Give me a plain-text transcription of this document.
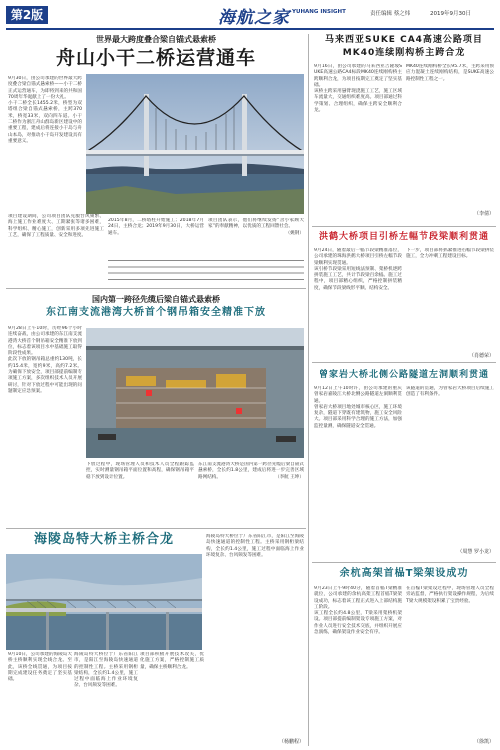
第2版	海航之家 YUHANG INSIGHT	责任编辑 蔡之炜	2019年9月30日
世界最大跨度叠合梁自锚式悬索桥
舟山小干二桥运营通车
9月30日，由公司承建的世界最大跨度叠合梁自锚式悬索桥——小干二桥正式运营通车，为即将到来的共和国70周年华诞献上了一份大礼。
小干二桥全长1455.2米，桥型为双塔组合梁自锚式悬索桥，主跨370米，桥宽33米，双向四车道。小干二桥作为浙江舟山群岛新区建设中的重要工程，建成后将连接小干岛与舟山本岛，对推动小干岛开发建设具有重要意义。
项目建设期间，公司项目团队克服台风频繁、海上施工作业难度大、工期紧张等诸多困难，科学组织、精心施工，创新采用多项先进施工工艺，确保了工程质量、安全和进度。
2015年8月，二桥塔柱开始施工；2018年7月24日，主桥合龙；2019年9月30日，大桥运营通车。
项目团队表示，他们将继续发扬“舍小家顾大家”的奉献精神，以优质的工程回馈社会。
（姚钢）
国内第一跨径先缆后梁自锚式悬索桥
东江南支流港湾大桥首个钢吊箱安全精准下放
9月28日上午10时，历经96个小时连续奋战，由公司承建的东江南支流港湾大桥首个钢吊箱安全精准下放到位，标志着该项目水中基础施工取得阶段性成果。
此次下放的钢吊箱总重约130吨，长约15.4米，宽约9米，高约7.2米。为确保下放安全，项目部提前编制专项施工方案，多次组织技术人员开展研讨，针对下放过程中可能出现的问题制定应急预案。
下放过程中，现场管理人员和技术人员全程跟踪监控，实时测量钢吊箱平面位置和高程，确保钢吊箱平稳下放到设计位置。
东江南支流港湾大桥是国内第一跨径先缆后梁自锚式悬索桥，全长约1.8公里，建成后将进一步完善区域路网结构。	（李航 王坤）
海陵岛特大桥主桥合龙
9月10日，公司承建的海陵岛大桥主桥顺利实现全线合龙。至此，该桥全线贯通，为项目按期完成建设任务奠定了坚实基础。
海陵岛特大桥位于广东省阳江市，是阳江至海陵岛快速通道的控制性工程。主桥采用钢桁梁结构，全长约1.4公里，施工过程中面临海上作业环境复杂、台风频发等困难。
项目部积极开展技术攻关，优化施工方案，严格控制施工质量，确保主桥顺利合龙。
海陵岛特大桥位于广东省阳江市，是阳江至海陵岛快速通道的控制性工程。主桥采用钢桁梁结构，全长约1.4公里，施工过程中面临海上作业环境复杂、台风频发等困难。
（杨鹏程）
马来西亚SUKE CA4高速公路项目MK40连续刚构桥主跨合龙
9月16日，由公司承建的马来西亚吉隆坡SUKE高速公路CA4标段MK40连续刚构桥主跨顺利合龙，为项目按期完工奠定了坚实基础。
该桥主跨采用悬臂现浇施工工艺，施工区域车流量大，交通组织难度高。项目部通过科学策划、合理组织，确保主跨安全顺利合龙。
MK40连续刚构桥全长95.7米，主跨采用预应力混凝土连续刚构结构，是SUKE高速公路控制性工程之一。
（李倩）
洪鹤大桥项目引桥左幅节段梁顺利贯通
9月24日，随着最后一榀节段梁精准落位，公司承建的珠海洪鹤大桥项目引桥左幅节段梁顺利实现贯通。
该引桥节段梁采用短线法预制、架桥机逐跨拼装施工工艺，共计节段梁百余榀。施工过程中，项目部精心组织，严格控制拼装精度，确保节段梁线形平顺、结构安全。
下一步，项目部将抓紧推进右幅节段梁拼装施工，全力冲刺工程建设目标。
（肖德荣）
曾家岩大桥北侧公路隧道左洞顺利贯通
9月12日上午10时许，由公司承建的重庆曾家岩嘉陵江大桥北侧公路隧道左洞顺利贯通。
曾家岩大桥项目地处城市核心区，施工环境复杂，隧道下穿既有建筑物，施工安全风险大。项目部采用科学合理的施工方法，加强监控量测，确保隧道安全贯通。
该隧道的贯通，为曾家岩大桥项目后续施工创造了有利条件。
（周慧 罗小龙）
余杭高架首榀T梁架设成功
9月23日上午9时40分，随着首榀T梁精准就位，公司承建的余杭高架工程首榀T梁架设成功，标志着该工程正式进入上部结构施工阶段。
该工程全长约4.8公里，T梁采用架桥机架设。项目部提前编制架设专项施工方案，对作业人员进行安全技术交底，并组织开展应急演练，确保架设作业安全有序。
在首榀T梁架设过程中，现场管理人员全程旁站监督，严格执行架设操作规程，为后续T梁大规模架设积累了宝贵经验。
（徐凯）
